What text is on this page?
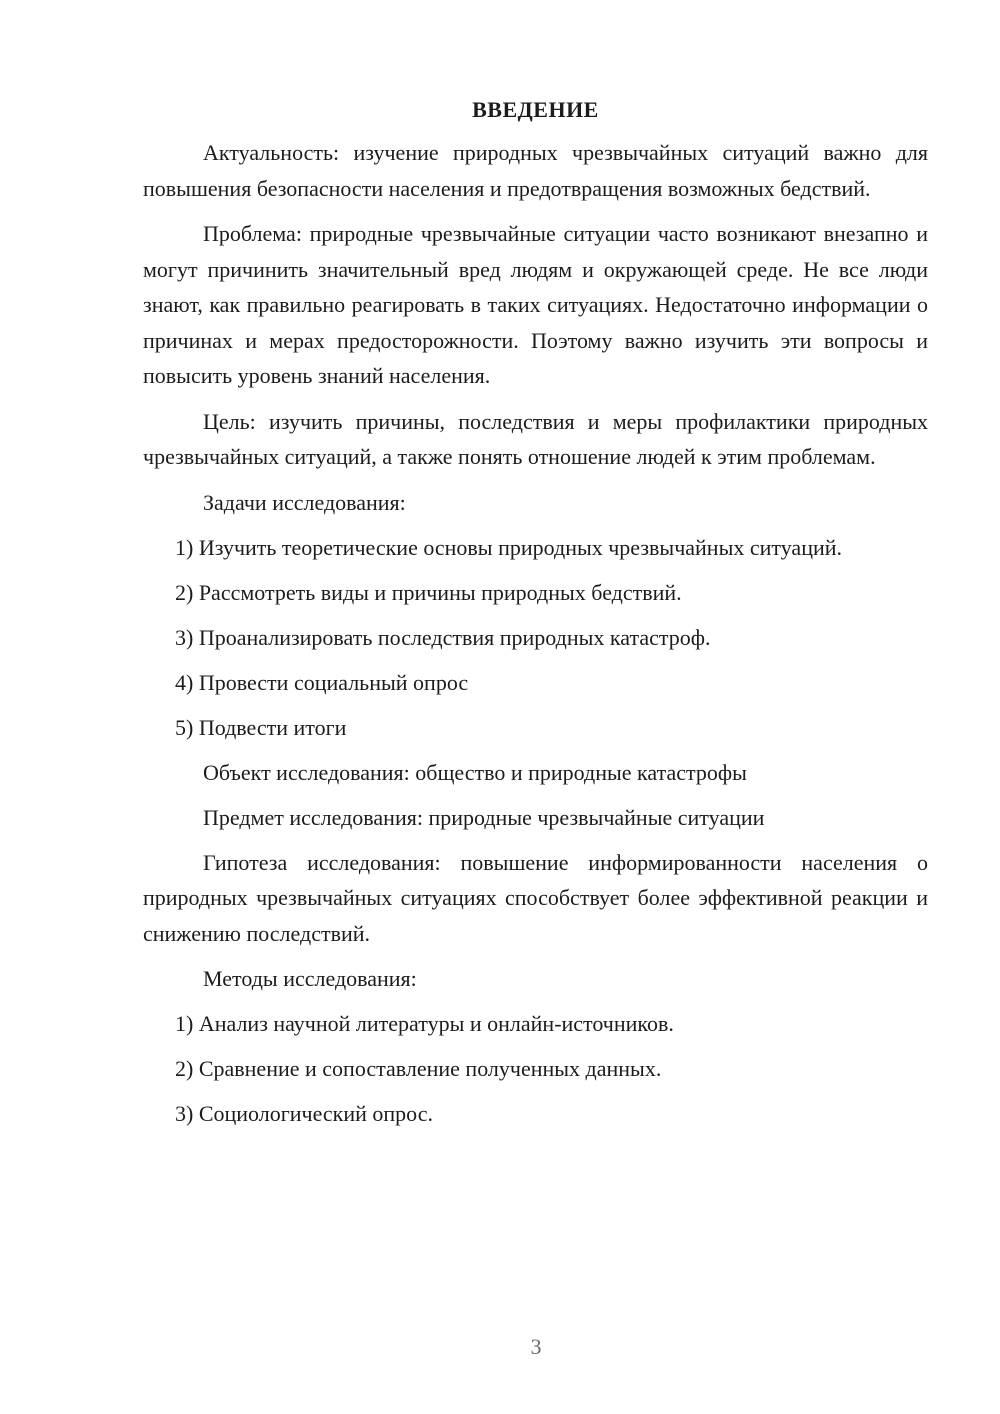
ВВЕДЕНИЕ

Актуальность: изучение природных чрезвычайных ситуаций важно для повышения безопасности населения и предотвращения возможных бедствий.

Проблема: природные чрезвычайные ситуации часто возникают внезапно и могут причинить значительный вред людям и окружающей среде. Не все люди знают, как правильно реагировать в таких ситуациях. Недостаточно информации о причинах и мерах предосторожности. Поэтому важно изучить эти вопросы и повысить уровень знаний населения.

Цель: изучить причины, последствия и меры профилактики природных чрезвычайных ситуаций, а также понять отношение людей к этим проблемам.

Задачи исследования:
1) Изучить теоретические основы природных чрезвычайных ситуаций.
2) Рассмотреть виды и причины природных бедствий.
3) Проанализировать последствия природных катастроф.
4) Провести социальный опрос
5) Подвести итоги
Объект исследования: общество и природные катастрофы
Предмет исследования: природные чрезвычайные ситуации

Гипотеза исследования: повышение информированности населения о природных чрезвычайных ситуациях способствует более эффективной реакции и снижению последствий.

Методы исследования:
1) Анализ научной литературы и онлайн-источников.
2) Сравнение и сопоставление полученных данных.
3) Социологический опрос.
3
